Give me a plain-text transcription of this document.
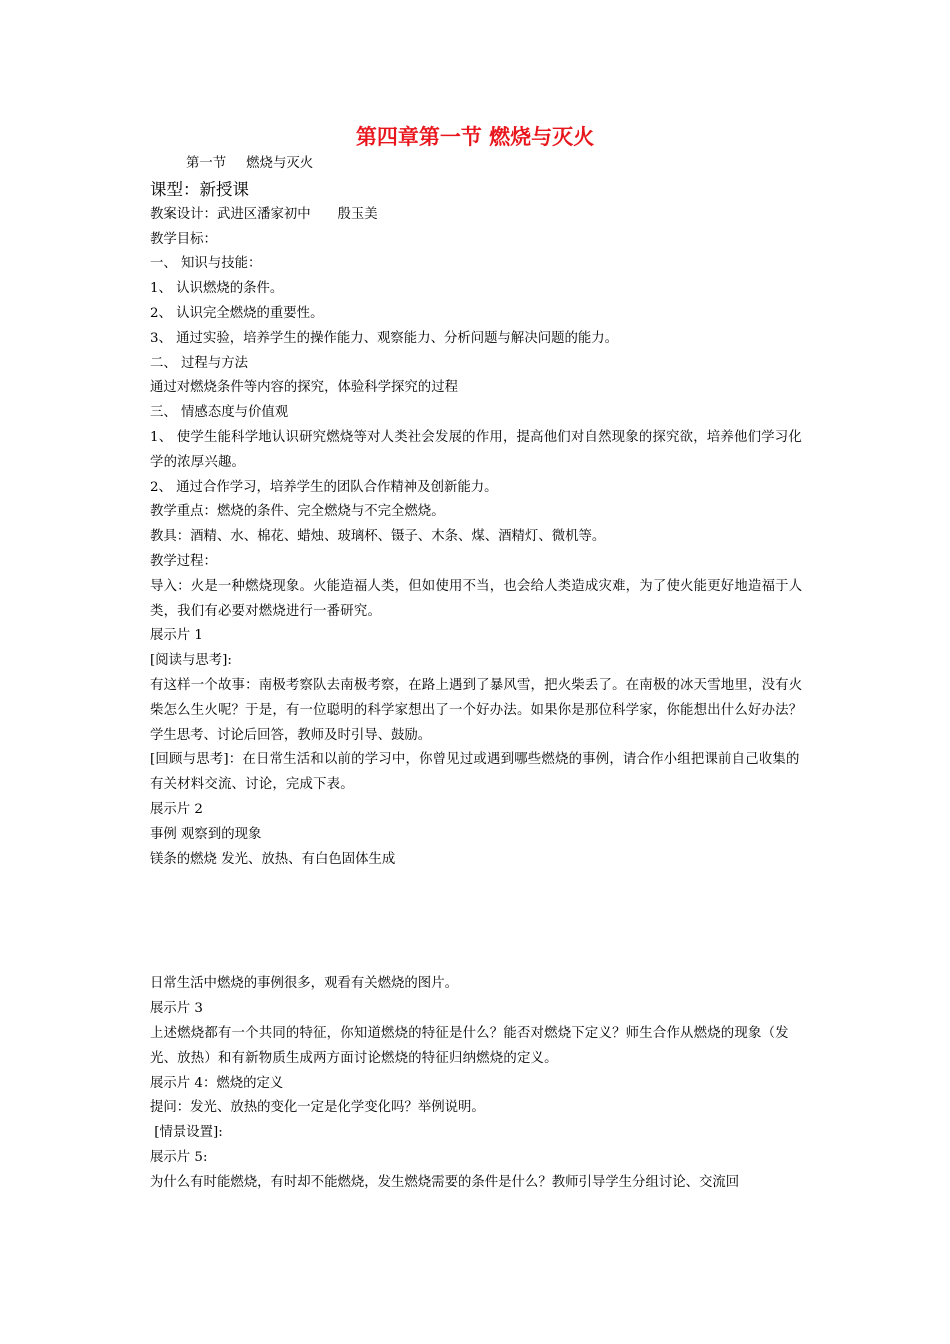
第四章第一节 燃烧与灭火

第一节 燃烧与灭火

课型：新授课

教案设计：武进区潘家初中　　殷玉美

教学目标：

一、 知识与技能：

1、 认识燃烧的条件。

2、 认识完全燃烧的重要性。

3、 通过实验，培养学生的操作能力、观察能力、分析问题与解决问题的能力。

二、 过程与方法

通过对燃烧条件等内容的探究，体验科学探究的过程

三、 情感态度与价值观

1、 使学生能科学地认识研究燃烧等对人类社会发展的作用，提高他们对自然现象的探究欲，培养他们学习化学的浓厚兴趣。

2、 通过合作学习，培养学生的团队合作精神及创新能力。

教学重点：燃烧的条件、完全燃烧与不完全燃烧。

教具：酒精、水、棉花、蜡烛、玻璃杯、镊子、木条、煤、酒精灯、微机等。

教学过程：

导入：火是一种燃烧现象。火能造福人类，但如使用不当，也会给人类造成灾难，为了使火能更好地造福于人类，我们有必要对燃烧进行一番研究。

展示片 1

[阅读与思考]:

有这样一个故事：南极考察队去南极考察，在路上遇到了暴风雪，把火柴丢了。在南极的冰天雪地里，没有火柴怎么生火呢？于是，有一位聪明的科学家想出了一个好办法。如果你是那位科学家，你能想出什么好办法？

学生思考、讨论后回答，教师及时引导、鼓励。

[回顾与思考]：在日常生活和以前的学习中，你曾见过或遇到哪些燃烧的事例，请合作小组把课前自己收集的有关材料交流、讨论，完成下表。

展示片 2

事例 观察到的现象

镁条的燃烧 发光、放热、有白色固体生成

日常生活中燃烧的事例很多，观看有关燃烧的图片。

展示片 3

上述燃烧都有一个共同的特征，你知道燃烧的特征是什么？能否对燃烧下定义？师生合作从燃烧的现象（发光、放热）和有新物质生成两方面讨论燃烧的特征归纳燃烧的定义。

展示片 4：燃烧的定义

提问：发光、放热的变化一定是化学变化吗？举例说明。

[情景设置]:

展示片 5:

为什么有时能燃烧，有时却不能燃烧，发生燃烧需要的条件是什么？教师引导学生分组讨论、交流回
